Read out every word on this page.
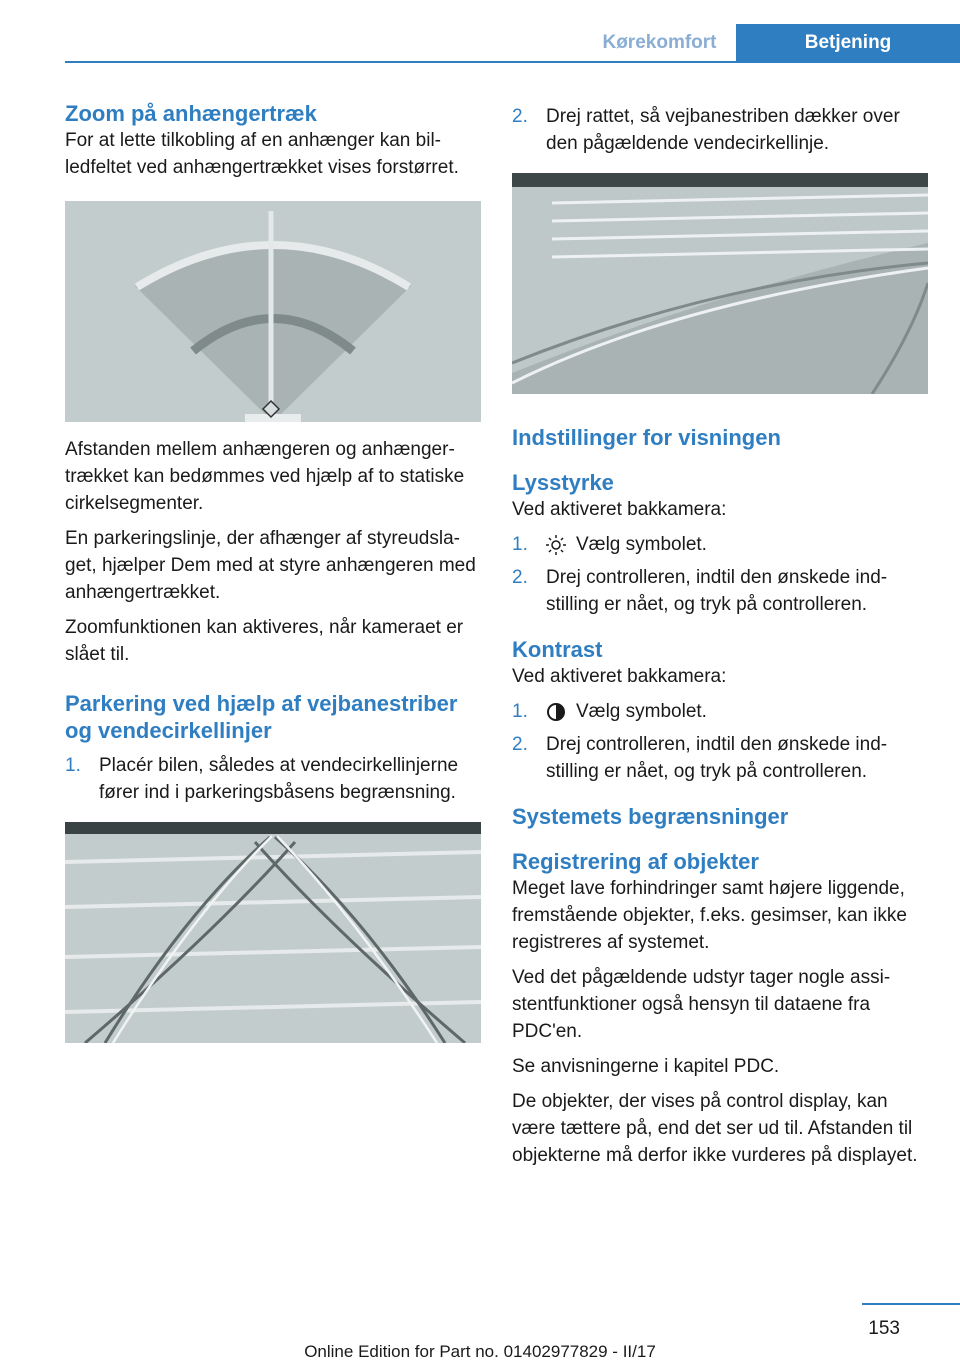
Kørekomfort	Betjening
Zoom på anhængertræk

For at lette tilkobling af en anhænger kan billedfeltet ved anhængertrækket vises forstørret.

Afstanden mellem anhængeren og anhængertrækket kan bedømmes ved hjælp af to statiske cirkelsegmenter.

En parkeringslinje, der afhænger af styreudslaget, hjælper Dem med at styre anhængeren med anhængertrækket.

Zoomfunktionen kan aktiveres, når kameraet er slået til.

Parkering ved hjælp af vejbanestriber og vendecirkellinjer
1. Placér bilen, således at vendecirkellinjerne fører ind i parkeringsbåsens begrænsning.
2. Drej rattet, så vejbanestriben dækker over den pågældende vendecirkellinje.
Indstillinger for visningen
Lysstyrke

Ved aktiveret bakkamera:

1.	Vælg symbolet.
2. Drej controlleren, indtil den ønskede indstilling er nået, og tryk på controlleren.
Kontrast

Ved aktiveret bakkamera:

1.	Vælg symbolet.
2. Drej controlleren, indtil den ønskede indstilling er nået, og tryk på controlleren.
Systemets begrænsninger
Registrering af objekter

Meget lave forhindringer samt højere liggende, fremstående objekter, f.eks. gesimser, kan ikke registreres af systemet.

Ved det pågældende udstyr tager nogle assistentfunktioner også hensyn til dataene fra PDC'en.

Se anvisningerne i kapitel PDC.

De objekter, der vises på control display, kan være tættere på, end det ser ud til. Afstanden til objekterne må derfor ikke vurderes på displayet.

153
Online Edition for Part no. 01402977829 - II/17
